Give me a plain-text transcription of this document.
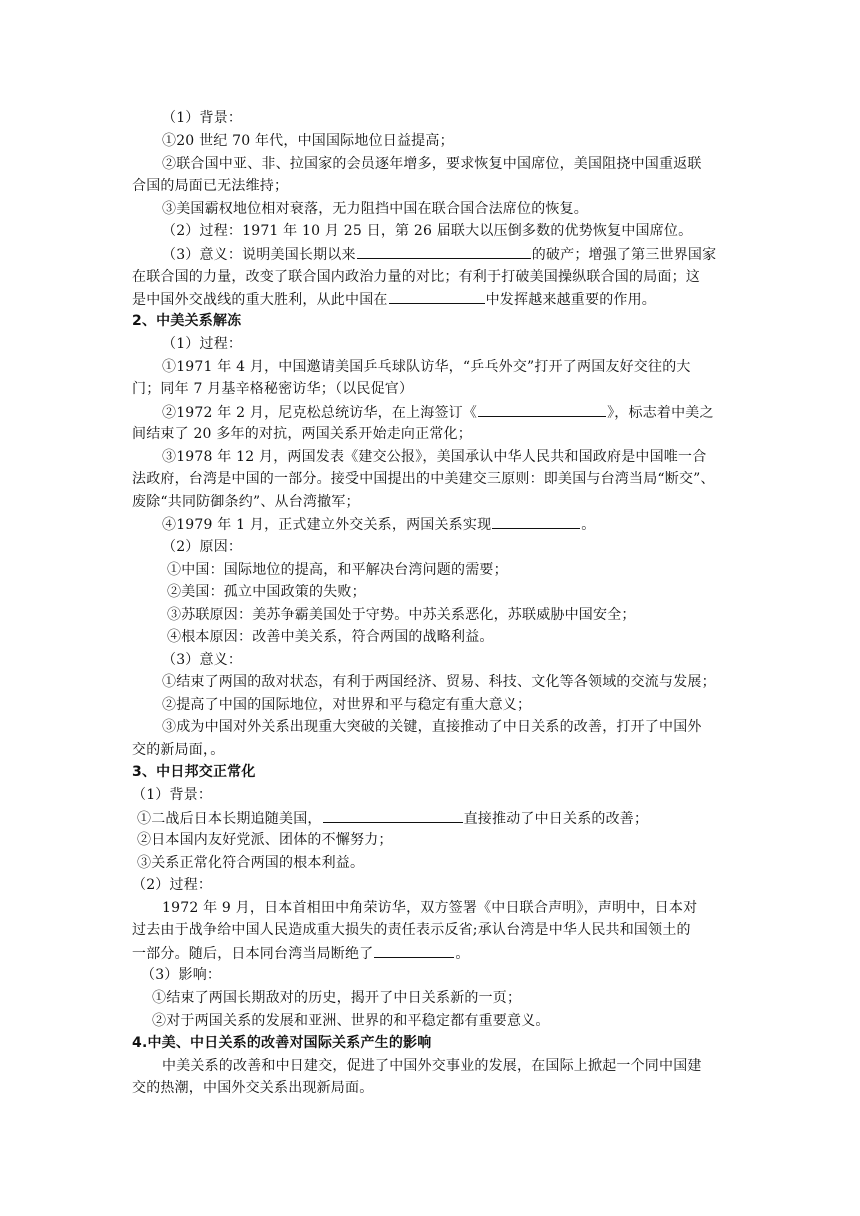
（1）背景：
①20 世纪 70 年代，中国国际地位日益提高；
②联合国中亚、非、拉国家的会员逐年增多，要求恢复中国席位，美国阻挠中国重返联
合国的局面已无法维持；
③美国霸权地位相对衰落，无力阻挡中国在联合国合法席位的恢复。
（2）过程：1971 年 10 月 25 日，第 26 届联大以压倒多数的优势恢复中国席位。
（3）意义：说明美国长期以来	的破产；增强了第三世界国家
在联合国的力量，改变了联合国内政治力量的对比；有利于打破美国操纵联合国的局面；这
是中国外交战线的重大胜利，从此中国在	中发挥越来越重要的作用。
2、中美关系解冻
（1）过程：
①1971 年 4 月，中国邀请美国乒乓球队访华，“乒乓外交”打开了两国友好交往的大
门；同年 7 月基辛格秘密访华；（以民促官）
②1972 年 2 月，尼克松总统访华，在上海签订《	》，标志着中美之
间结束了 20 多年的对抗，两国关系开始走向正常化；
③1978 年 12 月，两国发表《建交公报》，美国承认中华人民共和国政府是中国唯一合
法政府，台湾是中国的一部分。接受中国提出的中美建交三原则：即美国与台湾当局“断交”、
废除“共同防御条约”、从台湾撤军；
④1979 年 1 月，正式建立外交关系，两国关系实现	。
（2）原因：
①中国：国际地位的提高，和平解决台湾问题的需要；
②美国：孤立中国政策的失败；
③苏联原因：美苏争霸美国处于守势。中苏关系恶化，苏联威胁中国安全；
④根本原因：改善中美关系，符合两国的战略利益。
（3）意义：
①结束了两国的敌对状态，有利于两国经济、贸易、科技、文化等各领域的交流与发展；
②提高了中国的国际地位，对世界和平与稳定有重大意义；
③成为中国对外关系出现重大突破的关键，直接推动了中日关系的改善，打开了中国外
交的新局面，。
3、中日邦交正常化
（1）背景：
①二战后日本长期追随美国，	直接推动了中日关系的改善；
②日本国内友好党派、团体的不懈努力；
③关系正常化符合两国的根本利益。
（2）过程：
1972 年 9 月，日本首相田中角荣访华，双方签署《中日联合声明》，声明中，日本对
过去由于战争给中国人民造成重大损失的责任表示反省;承认台湾是中华人民共和国领土的
一部分。随后，日本同台湾当局断绝了	。
（3）影响：
①结束了两国长期敌对的历史，揭开了中日关系新的一页；
②对于两国关系的发展和亚洲、世界的和平稳定都有重要意义。
4.中美、中日关系的改善对国际关系产生的影响
中美关系的改善和中日建交，促进了中国外交事业的发展，在国际上掀起一个同中国建
交的热潮，中国外交关系出现新局面。
